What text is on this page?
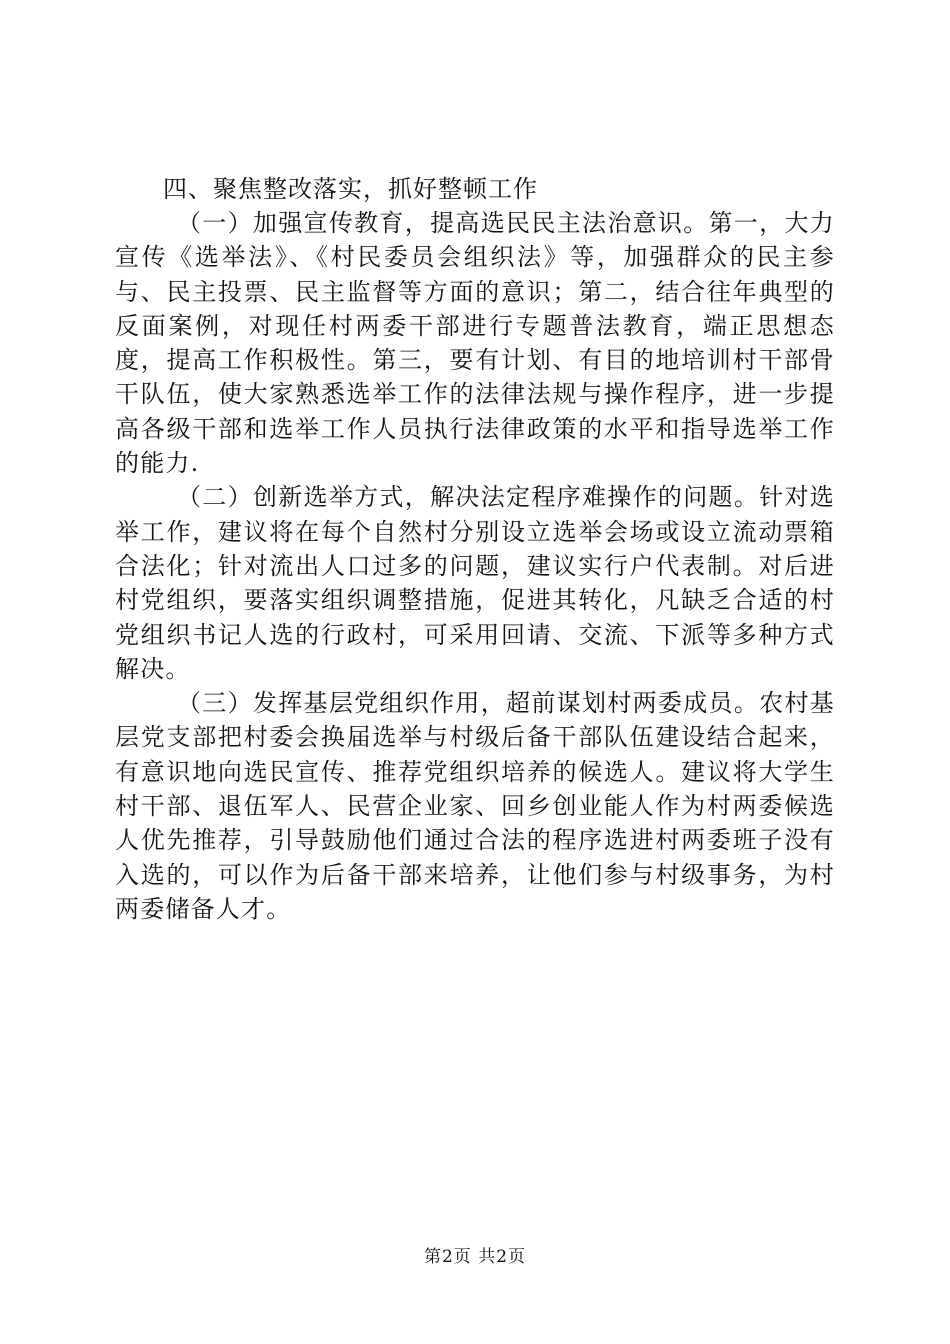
四、聚焦整改落实，抓好整顿工作

（一）加强宣传教育，提高选民民主法治意识。第一，大力宣传《选举法》、《村民委员会组织法》等，加强群众的民主参与、民主投票、民主监督等方面的意识；第二，结合往年典型的反面案例，对现任村两委干部进行专题普法教育，端正思想态度，提高工作积极性。第三，要有计划、有目的地培训村干部骨干队伍，使大家熟悉选举工作的法律法规与操作程序，进一步提高各级干部和选举工作人员执行法律政策的水平和指导选举工作的能力.

（二）创新选举方式，解决法定程序难操作的问题。针对选举工作，建议将在每个自然村分别设立选举会场或设立流动票箱合法化；针对流出人口过多的问题，建议实行户代表制。对后进村党组织，要落实组织调整措施，促进其转化，凡缺乏合适的村党组织书记人选的行政村，可采用回请、交流、下派等多种方式解决。

（三）发挥基层党组织作用，超前谋划村两委成员。农村基层党支部把村委会换届选举与村级后备干部队伍建设结合起来，有意识地向选民宣传、推荐党组织培养的候选人。建议将大学生村干部、退伍军人、民营企业家、回乡创业能人作为村两委候选人优先推荐，引导鼓励他们通过合法的程序选进村两委班子没有入选的，可以作为后备干部来培养，让他们参与村级事务，为村两委储备人才。

第2页 共2页
